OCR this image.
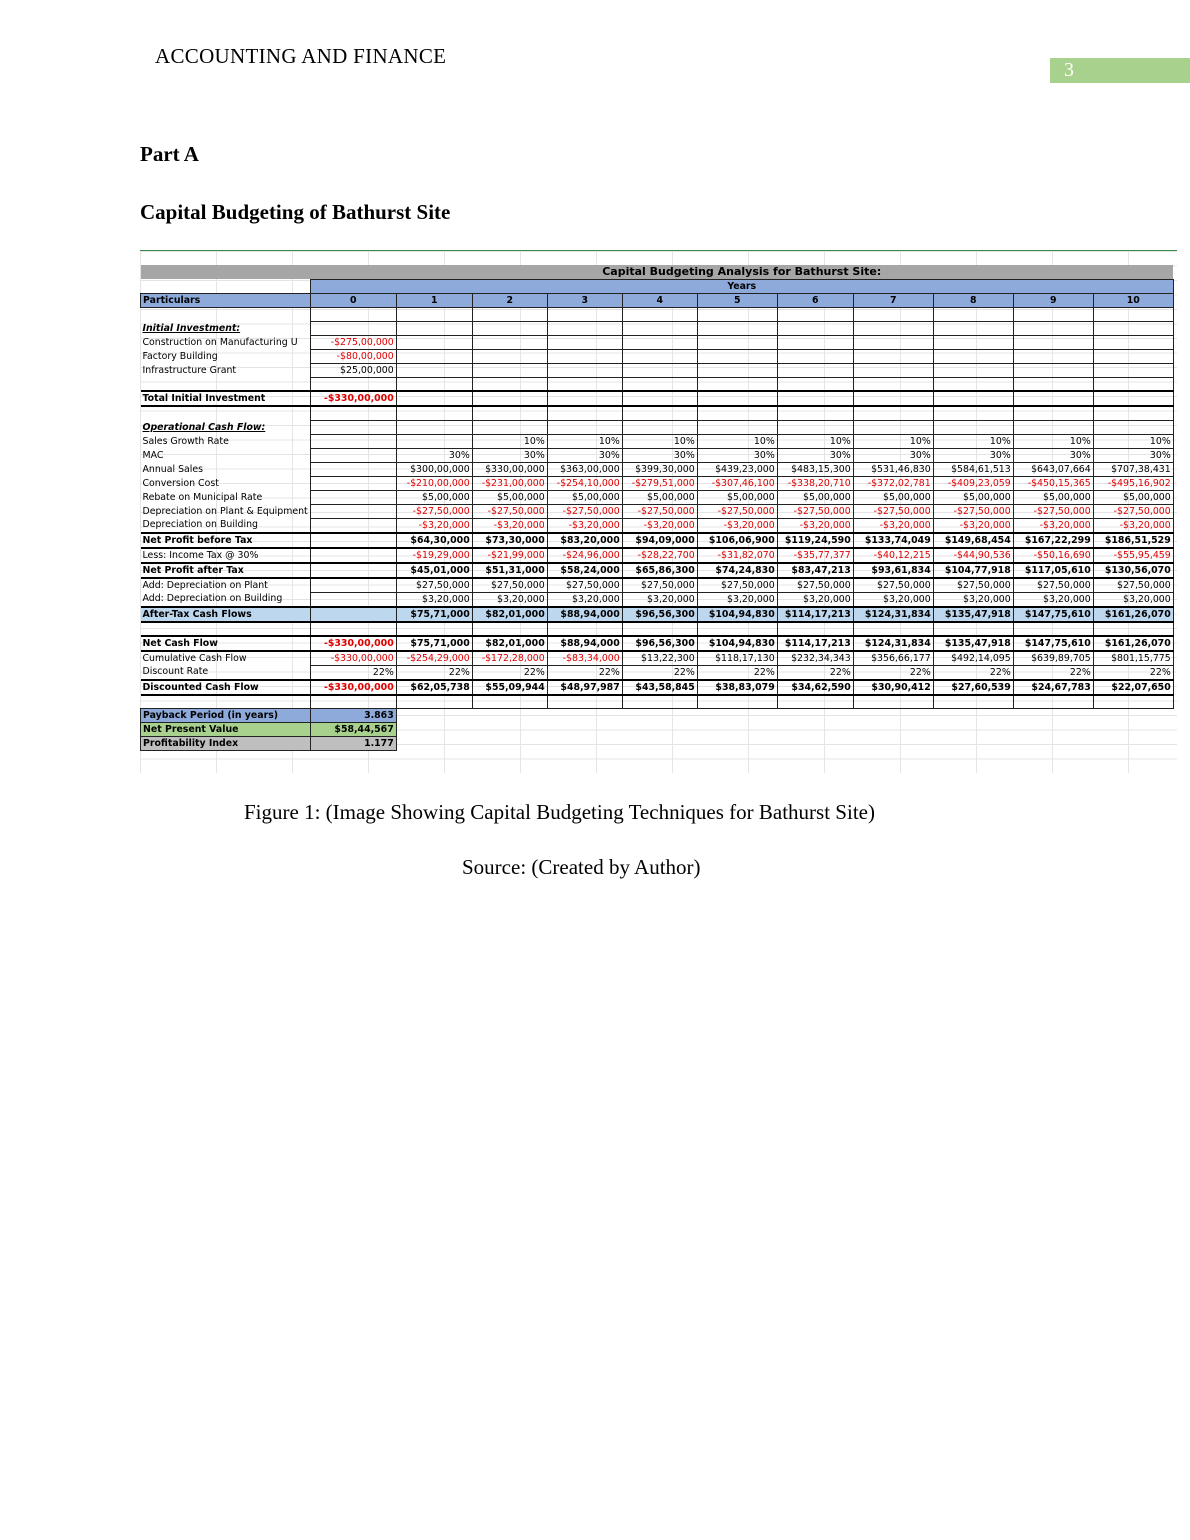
ACCOUNTING AND FINANCE
3
Part A
Capital Budgeting of Bathurst Site
	Capital Budgeting Analysis for Bathurst Site:										
	Years										
Particulars	0	1	2	3	4	5	6	7	8	9	10

Initial Investment:											
Construction on Manufacturing U	-$275,00,000										
Factory Building	-$80,00,000										
Infrastructure Grant	$25,00,000										

Total Initial Investment	-$330,00,000										

Operational Cash Flow:											
Sales Growth Rate			10%	10%	10%	10%	10%	10%	10%	10%	10%
MAC		30%	30%	30%	30%	30%	30%	30%	30%	30%	30%
Annual Sales		$300,00,000	$330,00,000	$363,00,000	$399,30,000	$439,23,000	$483,15,300	$531,46,830	$584,61,513	$643,07,664	$707,38,431
Conversion Cost		-$210,00,000	-$231,00,000	-$254,10,000	-$279,51,000	-$307,46,100	-$338,20,710	-$372,02,781	-$409,23,059	-$450,15,365	-$495,16,902
Rebate on Municipal Rate		$5,00,000	$5,00,000	$5,00,000	$5,00,000	$5,00,000	$5,00,000	$5,00,000	$5,00,000	$5,00,000	$5,00,000
Depreciation on Plant & Equipment		-$27,50,000	-$27,50,000	-$27,50,000	-$27,50,000	-$27,50,000	-$27,50,000	-$27,50,000	-$27,50,000	-$27,50,000	-$27,50,000
Depreciation on Building		-$3,20,000	-$3,20,000	-$3,20,000	-$3,20,000	-$3,20,000	-$3,20,000	-$3,20,000	-$3,20,000	-$3,20,000	-$3,20,000
Net Profit before Tax		$64,30,000	$73,30,000	$83,20,000	$94,09,000	$106,06,900	$119,24,590	$133,74,049	$149,68,454	$167,22,299	$186,51,529
Less: Income Tax @ 30%		-$19,29,000	-$21,99,000	-$24,96,000	-$28,22,700	-$31,82,070	-$35,77,377	-$40,12,215	-$44,90,536	-$50,16,690	-$55,95,459
Net Profit after Tax		$45,01,000	$51,31,000	$58,24,000	$65,86,300	$74,24,830	$83,47,213	$93,61,834	$104,77,918	$117,05,610	$130,56,070
Add: Depreciation on Plant		$27,50,000	$27,50,000	$27,50,000	$27,50,000	$27,50,000	$27,50,000	$27,50,000	$27,50,000	$27,50,000	$27,50,000
Add: Depreciation on Building		$3,20,000	$3,20,000	$3,20,000	$3,20,000	$3,20,000	$3,20,000	$3,20,000	$3,20,000	$3,20,000	$3,20,000
After-Tax Cash Flows		$75,71,000	$82,01,000	$88,94,000	$96,56,300	$104,94,830	$114,17,213	$124,31,834	$135,47,918	$147,75,610	$161,26,070

Net Cash Flow	-$330,00,000	$75,71,000	$82,01,000	$88,94,000	$96,56,300	$104,94,830	$114,17,213	$124,31,834	$135,47,918	$147,75,610	$161,26,070
Cumulative Cash Flow	-$330,00,000	-$254,29,000	-$172,28,000	-$83,34,000	$13,22,300	$118,17,130	$232,34,343	$356,66,177	$492,14,095	$639,89,705	$801,15,775
Discount Rate	22%	22%	22%	22%	22%	22%	22%	22%	22%	22%	22%
Discounted Cash Flow	-$330,00,000	$62,05,738	$55,09,944	$48,97,987	$43,58,845	$38,83,079	$34,62,590	$30,90,412	$27,60,539	$24,67,783	$22,07,650

Payback Period (in years)	3.863										
Net Present Value	$58,44,567										
Profitability Index	1.177										
Figure 1: (Image Showing Capital Budgeting Techniques for Bathurst Site)
Source: (Created by Author)
